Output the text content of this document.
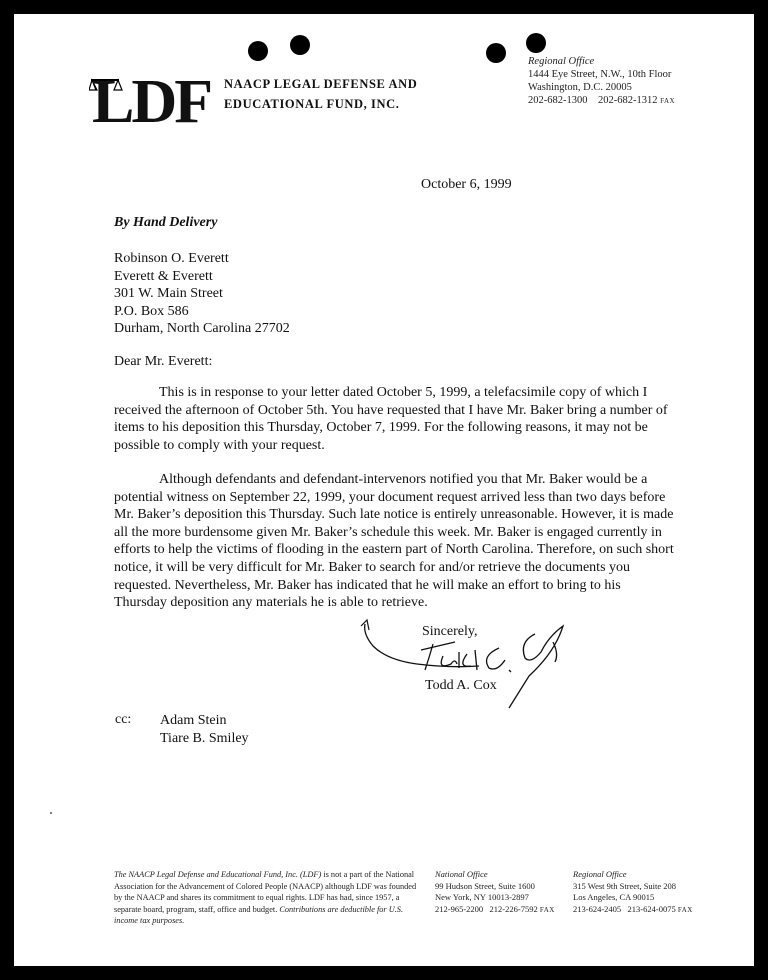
LDF NAACP LEGAL DEFENSE AND
EDUCATIONAL FUND, INC.
Regional Office
1444 Eye Street, N.W., 10th Floor
Washington, D.C. 20005
202-682-1300 202-682-1312 FAX
October 6, 1999
By Hand Delivery
Robinson O. Everett
Everett & Everett
301 W. Main Street
P.O. Box 586
Durham, North Carolina 27702
Dear Mr. Everett:

This is in response to your letter dated October 5, 1999, a telefacsimile copy of which I received the afternoon of October 5th. You have requested that I have Mr. Baker bring a number of items to his deposition this Thursday, October 7, 1999. For the following reasons, it may not be possible to comply with your request.

Although defendants and defendant-intervenors notified you that Mr. Baker would be a potential witness on September 22, 1999, your document request arrived less than two days before Mr. Baker’s deposition this Thursday. Such late notice is entirely unreasonable. However, it is made all the more burdensome given Mr. Baker’s schedule this week. Mr. Baker is engaged currently in efforts to help the victims of flooding in the eastern part of North Carolina. Therefore, on such short notice, it will be very difficult for Mr. Baker to search for and/or retrieve the documents you requested. Nevertheless, Mr. Baker has indicated that he will make an effort to bring to his Thursday deposition any materials he is able to retrieve.

Sincerely,
Todd A. Cox
cc: Adam Stein
Tiare B. Smiley
The NAACP Legal Defense and Educational Fund, Inc. (LDF) is not a part of the National Association for the Advancement of Colored People (NAACP) although LDF was founded by the NAACP and shares its commitment to equal rights. LDF has had, since 1957, a separate board, program, staff, office and budget. Contributions are deductible for U.S. income tax purposes.
National Office
99 Hudson Street, Suite 1600
New York, NY 10013-2897
212-965-2200 212-226-7592 FAX
Regional Office
315 West 9th Street, Suite 208
Los Angeles, CA 90015
213-624-2405 213-624-0075 FAX
